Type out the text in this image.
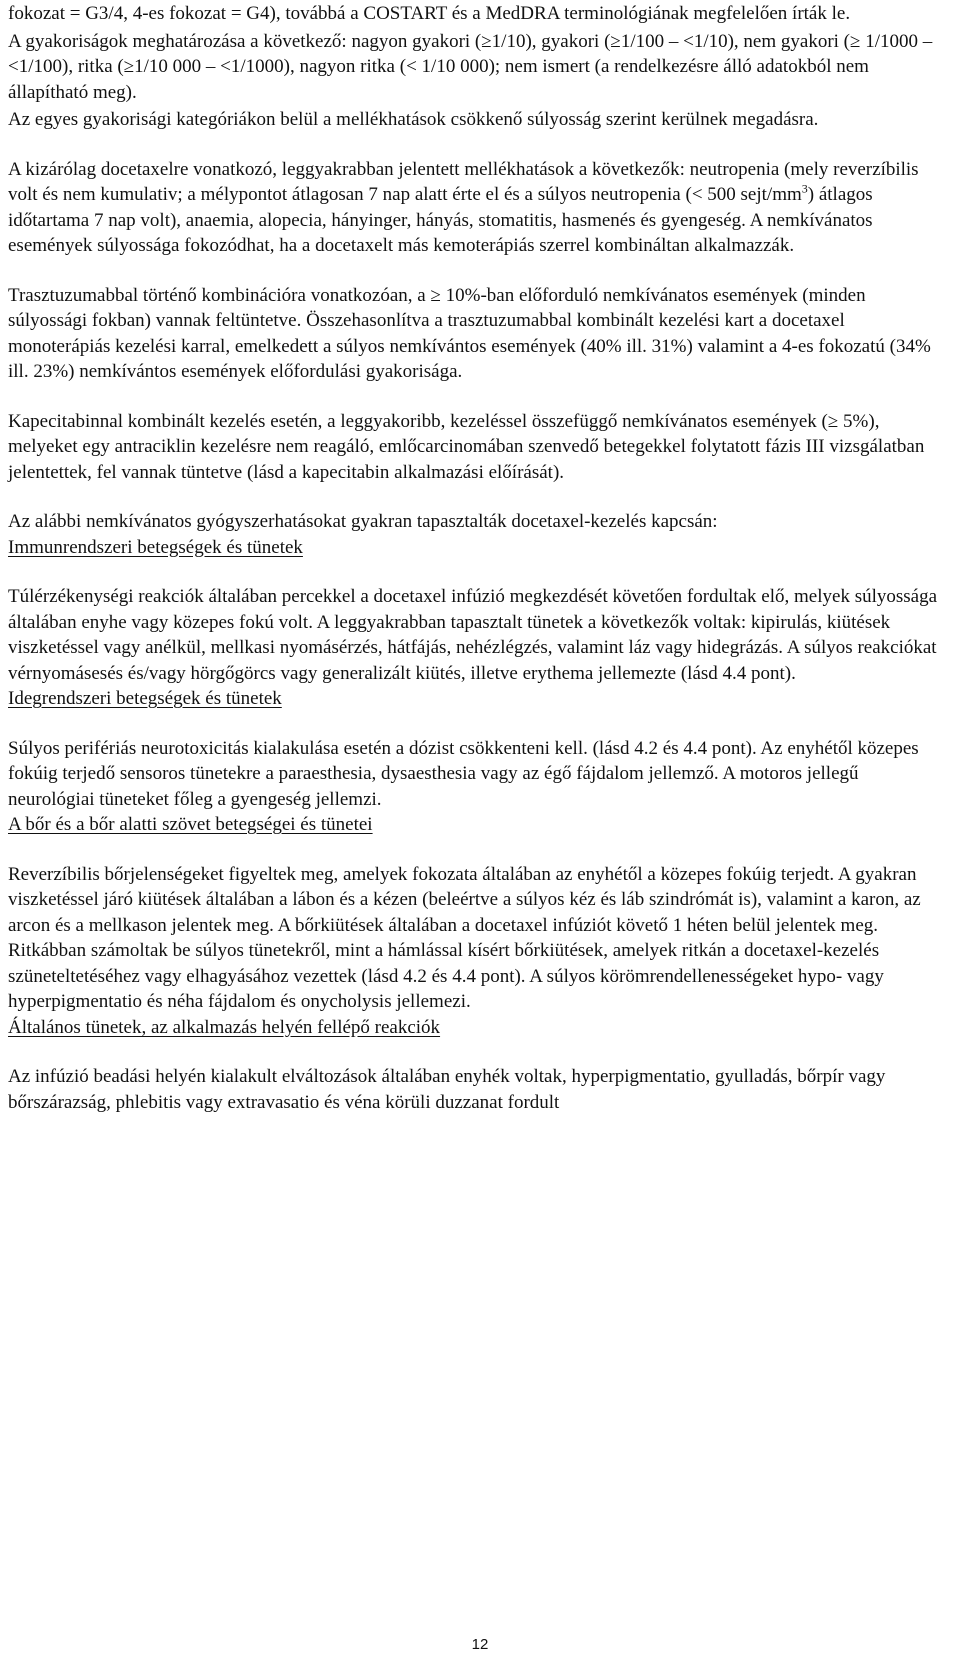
fokozat = G3/4, 4-es fokozat = G4), továbbá a COSTART és a MedDRA terminológiának megfelelően írták le.

A gyakoriságok meghatározása a következő: nagyon gyakori (≥1/10), gyakori (≥1/100 – <1/10), nem gyakori (≥ 1/1000 – <1/100), ritka (≥1/10 000 – <1/1000), nagyon ritka (< 1/10 000); nem ismert (a rendelkezésre álló adatokból nem állapítható meg).

Az egyes gyakorisági kategóriákon belül a mellékhatások csökkenő súlyosság szerint kerülnek megadásra.

A kizárólag docetaxelre vonatkozó, leggyakrabban jelentett mellékhatások a következők: neutropenia (mely reverzíbilis volt és nem kumulativ; a mélypontot átlagosan 7 nap alatt érte el és a súlyos neutropenia (< 500 sejt/$mm^3$) átlagos időtartama 7 nap volt), anaemia, alopecia, hányinger, hányás, stomatitis, hasmenés és gyengeség. A nemkívánatos események súlyossága fokozódhat, ha a docetaxelt más kemoterápiás szerrel kombináltan alkalmazzák.

Trasztuzumabbal történő kombinációra vonatkozóan, a ≥ 10%-ban előforduló nemkívánatos események (minden súlyossági fokban) vannak feltüntetve. Összehasonlítva a trasztuzumabbal kombinált kezelési kart a docetaxel monoterápiás kezelési karral, emelkedett a súlyos nemkívántos események (40% ill. 31%) valamint a 4-es fokozatú (34% ill. 23%) nemkívántos események előfordulási gyakorisága.

Kapecitabinnal kombinált kezelés esetén, a leggyakoribb, kezeléssel összefüggő nemkívánatos események (≥ 5%), melyeket egy antraciklin kezelésre nem reagáló, emlőcarcinomában szenvedő betegekkel folytatott fázis III vizsgálatban jelentettek, fel vannak tüntetve (lásd a kapecitabin alkalmazási előírását).

Az alábbi nemkívánatos gyógyszerhatásokat gyakran tapasztalták docetaxel-kezelés kapcsán:

Immunrendszeri betegségek és tünetek

Túlérzékenységi reakciók általában percekkel a docetaxel infúzió megkezdését követően fordultak elő, melyek súlyossága általában enyhe vagy közepes fokú volt. A leggyakrabban tapasztalt tünetek a következők voltak: kipirulás, kiütések viszketéssel vagy anélkül, mellkasi nyomásérzés, hátfájás, nehézlégzés, valamint láz vagy hidegrázás. A súlyos reakciókat vérnyomásesés és/vagy hörgőgörcs vagy generalizált kiütés, illetve erythema jellemezte (lásd 4.4 pont).

Idegrendszeri betegségek és tünetek

Súlyos perifériás neurotoxicitás kialakulása esetén a dózist csökkenteni kell. (lásd 4.2 és 4.4 pont). Az enyhétől közepes fokúig terjedő sensoros tünetekre a paraesthesia, dysaesthesia vagy az égő fájdalom jellemző. A motoros jellegű neurológiai tüneteket főleg a gyengeség jellemzi.

A bőr és a bőr alatti szövet betegségei és tünetei

Reverzíbilis bőrjelenségeket figyeltek meg, amelyek fokozata általában az enyhétől a közepes fokúig terjedt. A gyakran viszketéssel járó kiütések általában a lábon és a kézen (beleértve a súlyos kéz és láb szindrómát is), valamint a karon, az arcon és a mellkason jelentek meg. A bőrkiütések általában a docetaxel infúziót követő 1 héten belül jelentek meg. Ritkábban számoltak be súlyos tünetekről, mint a hámlással kísért bőrkiütések, amelyek ritkán a docetaxel-kezelés szüneteltetéséhez vagy elhagyásához vezettek (lásd 4.2 és 4.4 pont). A súlyos körömrendellenességeket hypo- vagy hyperpigmentatio és néha fájdalom és onycholysis jellemezi.

Általános tünetek, az alkalmazás helyén fellépő reakciók

Az infúzió beadási helyén kialakult elváltozások általában enyhék voltak, hyperpigmentatio, gyulladás, bőrpír vagy bőrszárazság, phlebitis vagy extravasatio és véna körüli duzzanat fordult

12
